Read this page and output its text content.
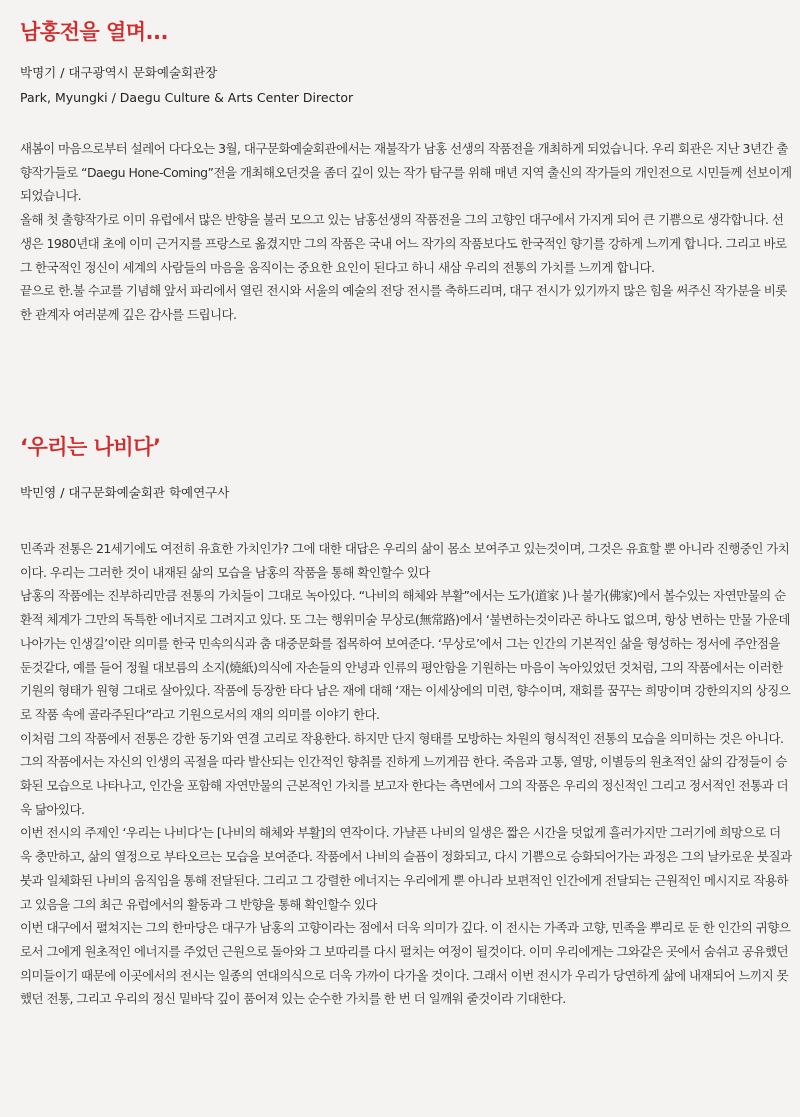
남홍전을 열며...
박명기 / 대구광역시 문화예술회관장
Park, Myungki / Daegu Culture & Arts Center Director

새봄이 마음으로부터 설레어 다다오는 3월, 대구문화예술회관에서는 재불작가 남홍 선생의 작품전을 개최하게 되었습니다. 우리 회관은 지난 3년간 출향작가들로 “Daegu Hone-Coming”전을 개최해오던것을 좀더 깊이 있는 작가 탐구를 위해 매년 지역 출신의 작가들의 개인전으로 시민들께 선보이게 되었습니다.

올해 첫 출향작가로 이미 유럽에서 많은 반향을 불러 모으고 있는 남홍선생의 작품전을 그의 고향인 대구에서 가지게 되어 큰 기쁨으로 생각합니다. 선생은 1980년대 초에 이미 근거지를 프랑스로 옮겼지만 그의 작품은 국내 어느 작가의 작품보다도 한국적인 향기를 강하게 느끼게 합니다. 그리고 바로 그 한국적인 정신이 세계의 사람들의 마음을 움직이는 중요한 요인이 된다고 하니 새삼 우리의 전통의 가치를 느끼게 합니다.

끝으로 한.불 수교를 기념해 앞서 파리에서 열린 전시와 서울의 예술의 전당 전시를 축하드리며, 대구 전시가 있기까지 많은 힘을 써주신 작가분을 비롯한 관계자 여러분께 깊은 감사를 드립니다.

‘우리는 나비다’
박민영 / 대구문화예술회관 학예연구사

민족과 전통은 21세기에도 여전히 유효한 가치인가? 그에 대한 대답은 우리의 삶이 몸소 보여주고 있는것이며, 그것은 유효할 뿐 아니라 진행중인 가치이다. 우리는 그러한 것이 내재된 삶의 모습을 남홍의 작품을 통해 확인할수 있다

남홍의 작품에는 진부하리만큼 전통의 가치들이 그대로 녹아있다. “나비의 해체와 부활”에서는 도가(道家 )나 불가(佛家)에서 볼수있는 자연만물의 순환적 체계가 그만의 독특한 에너지로 그려지고 있다. 또 그는 행위미술 무상로(無常路)에서 ‘불변하는것이라곤 하나도 없으며, 항상 변하는 만물 가운데 나아가는 인생길’이란 의미를 한국 민속의식과 춤 대중문화를 접목하여 보여준다. ‘무상로’에서 그는 인간의 기본적인 삶을 형성하는 정서에 주안점을 둔것같다, 예를 들어 정월 대보름의 소지(燒紙)의식에 자손들의 안녕과 인류의 평안함을 기원하는 마음이 녹아있었던 것처럼, 그의 작품에서는 이러한 기원의 형태가 원형 그대로 살아있다. 작품에 등장한 타다 남은 재에 대해 ‘재는 이세상에의 미련, 향수이며, 재회를 꿈꾸는 희망이며 강한의지의 상징으로 작품 속에 골라주된다”라고 기원으로서의 재의 의미를 이야기 한다.

이처럼 그의 작품에서 전통은 강한 동기와 연결 고리로 작용한다. 하지만 단지 형태를 모방하는 차원의 형식적인 전통의 모습을 의미하는 것은 아니다. 그의 작품에서는 자신의 인생의 곡절을 따라 발산되는 인간적인 향취를 진하게 느끼게끔 한다. 죽음과 고통, 열망, 이별등의 원초적인 삶의 감정들이 승화된 모습으로 나타나고, 인간을 포함해 자연만물의 근본적인 가치를 보고자 한다는 측면에서 그의 작품은 우리의 정신적인 그리고 정서적인 전통과 더욱 닮아있다.

이번 전시의 주제인 ‘우리는 나비다’는 [나비의 해체와 부활]의 연작이다. 가냘픈 나비의 일생은 짧은 시간을 덧없게 흘러가지만 그러기에 희망으로 더욱 충만하고, 삶의 열정으로 부타오르는 모습을 보여준다. 작품에서 나비의 슬픔이 정화되고, 다시 기쁨으로 승화되어가는 과정은 그의 날카로운 붓질과 붓과 일체화된 나비의 움직임을 통해 전달된다. 그리고 그 강렬한 에너지는 우리에게 뿐 아니라 보편적인 인간에게 전달되는 근원적인 메시지로 작용하고 있음을 그의 최근 유럽에서의 활동과 그 반향을 통해 확인할수 있다

이번 대구에서 펼쳐지는 그의 한마당은 대구가 남홍의 고향이라는 점에서 더욱 의미가 깊다. 이 전시는 가족과 고향, 민족을 뿌리로 둔 한 인간의 귀향으로서 그에게 원초적인 에너지를 주었던 근원으로 돌아와 그 보따리를 다시 펼치는 여정이 될것이다. 이미 우리에게는 그와같은 곳에서 숨쉬고 공유했던 의미들이기 때문에 이곳에서의 전시는 일종의 연대의식으로 더욱 가까이 다가올 것이다. 그래서 이번 전시가 우리가 당연하게 삶에 내재되어 느끼지 못했던 전통, 그리고 우리의 정신 밑바닥 깊이 품어져 있는 순수한 가치를 한 번 더 일깨워 줄것이라 기대한다.
